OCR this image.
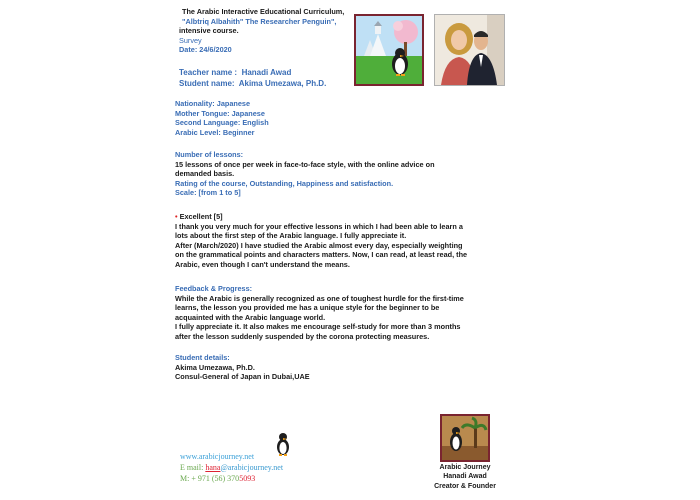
The Arabic Interactive Educational Curriculum,
"Albtriq Albahith" The Researcher Penguin",
intensive course.
Survey
Date: 24/6/2020
Teacher name : Hanadi Awad
Student name: Akima Umezawa, Ph.D.
Nationality: Japanese
Mother Tongue: Japanese
Second Language: English
Arabic Level: Beginner
Number of lessons:
15 lessons of once per week in face-to-face style, with the online advice on
demanded basis.
Rating of the course, Outstanding, Happiness and satisfaction.
Scale: [from 1 to 5]
• Excellent [5]
I thank you very much for your effective lessons in which I had been able to learn a
lots about the first step of the Arabic language. I fully appreciate it.
After (March/2020) I have studied the Arabic almost every day, especially weighting
on the grammatical points and characters matters. Now, I can read, at least read, the
Arabic, even though I can't understand the means.
Feedback & Progress:
While the Arabic is generally recognized as one of toughest hurdle for the first-time
learns, the lesson you provided me has a unique style for the beginner to be
acquainted with the Arabic language world.
I fully appreciate it. It also makes me encourage self-study for more than 3 months
after the lesson suddenly suspended by the corona protecting measures.
Student details:
Akima Umezawa, Ph.D.
Consul-General of Japan in Dubai,UAE
www.arabicjourney.net
E mail: hana@arabicjourney.net
M: + 971 (56) 3705093
Arabic Journey
Hanadi Awad
Creator & Founder
